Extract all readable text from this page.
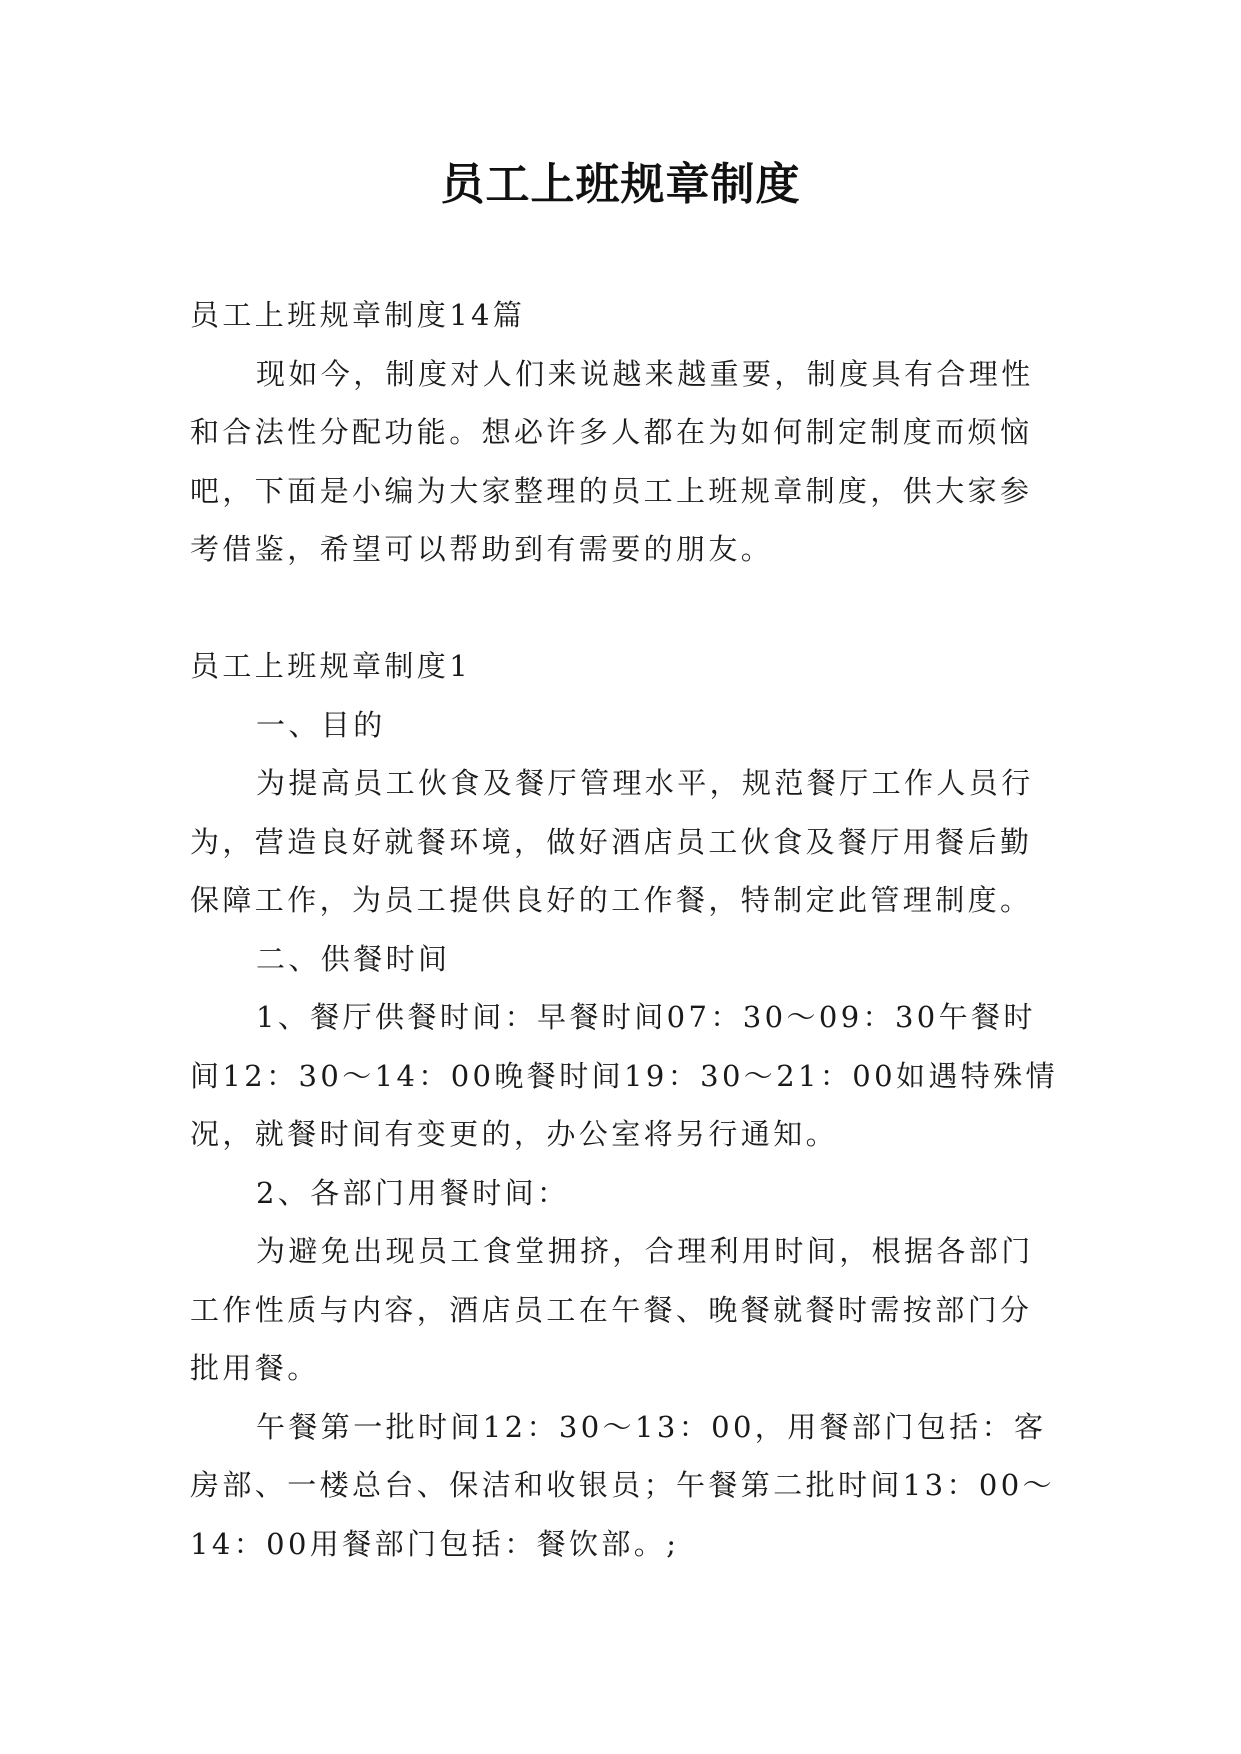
员工上班规章制度

员工上班规章制度14篇

现如今，制度对人们来说越来越重要，制度具有合理性和合法性分配功能。想必许多人都在为如何制定制度而烦恼吧，下面是小编为大家整理的员工上班规章制度，供大家参考借鉴，希望可以帮助到有需要的朋友。

员工上班规章制度1

一、目的

为提高员工伙食及餐厅管理水平，规范餐厅工作人员行为，营造良好就餐环境，做好酒店员工伙食及餐厅用餐后勤保障工作，为员工提供良好的工作餐，特制定此管理制度。

二、供餐时间

1、餐厅供餐时间：早餐时间07：30～09：30午餐时间12：30～14：00晚餐时间19：30～21：00如遇特殊情况，就餐时间有变更的，办公室将另行通知。

2、各部门用餐时间：

为避免出现员工食堂拥挤，合理利用时间，根据各部门工作性质与内容，酒店员工在午餐、晚餐就餐时需按部门分批用餐。

午餐第一批时间12：30～13：00，用餐部门包括：客房部、一楼总台、保洁和收银员；午餐第二批时间13：00～14：00用餐部门包括：餐饮部。;
